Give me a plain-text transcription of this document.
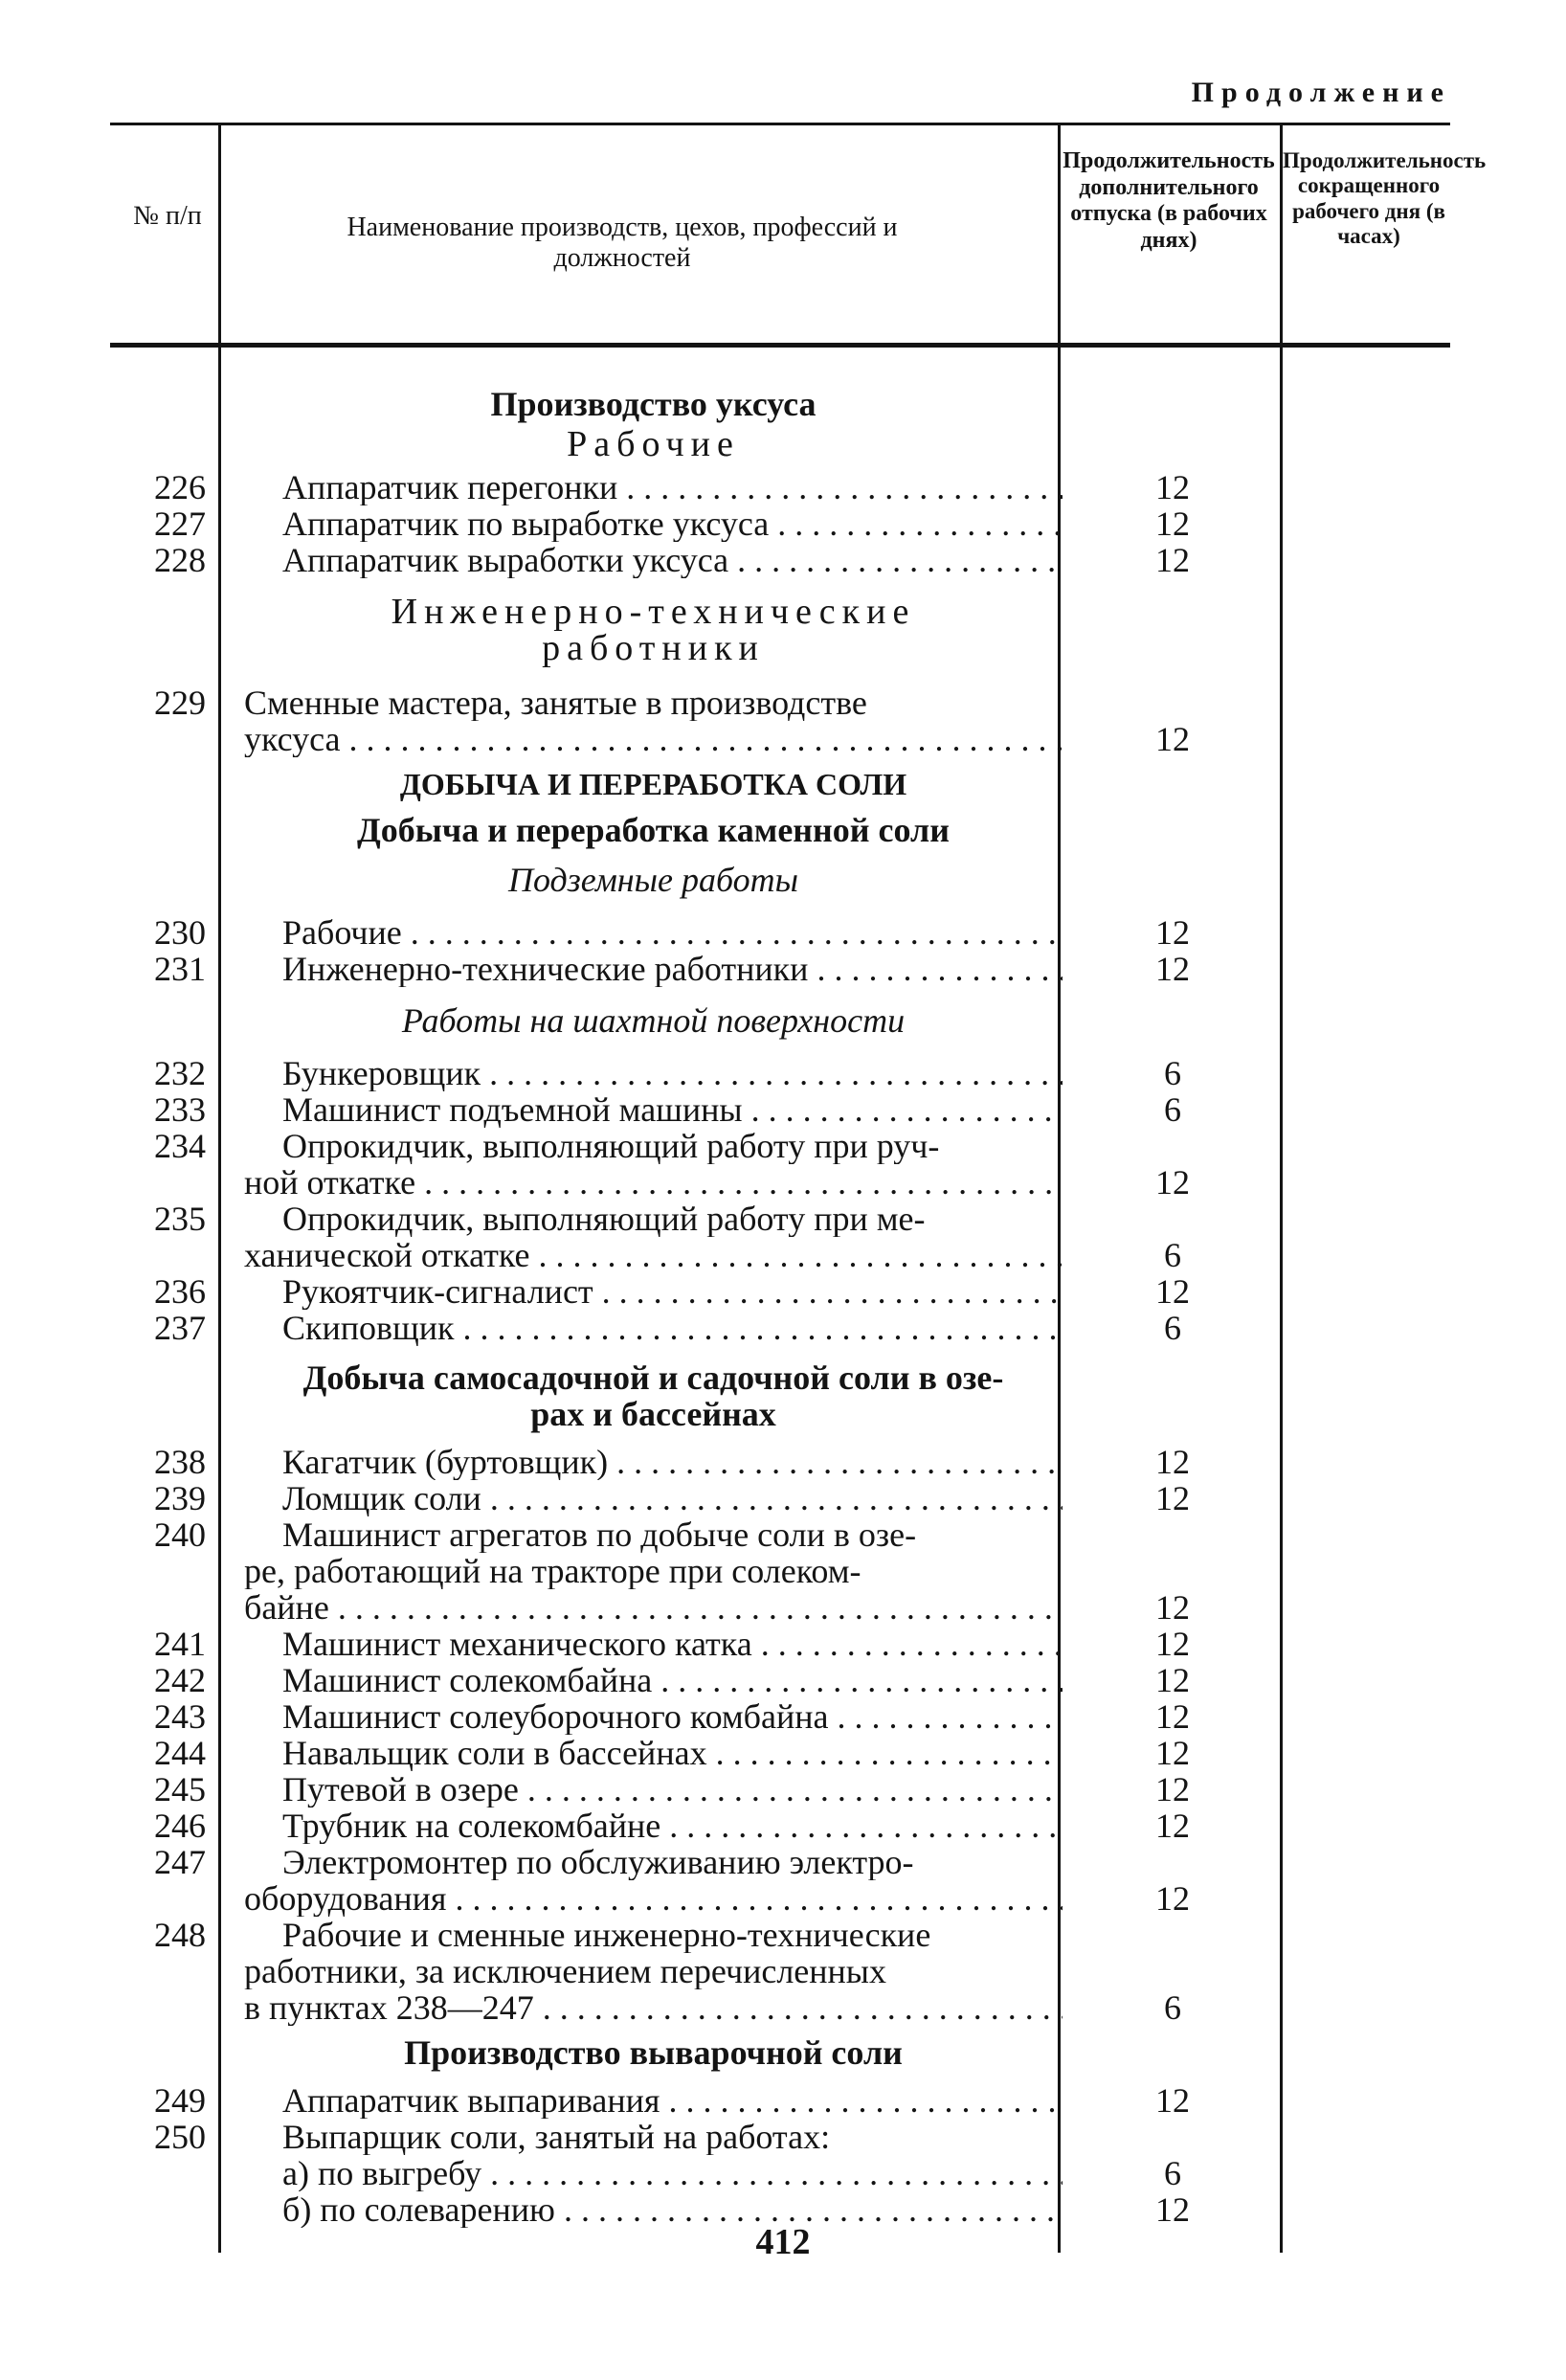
Продолжение
№ п/п	Наименование производств, цехов, профессий и должностей
Продолжительность дополнительного отпуска (в рабочих днях)
Продолжительность сокращенного рабочего дня (в часах)
Производство уксуса
Рабочие
226 Аппаратчик перегонки . . .	12
227 Аппаратчик по выработке уксуса . . .	12
228 Аппаратчик выработки уксуса . . .	12
Инженерно-технические
работники
229 Сменные мастера, занятые в производстве
уксуса . . .	12
ДОБЫЧА И ПЕРЕРАБОТКА СОЛИ
Добыча и переработка каменной соли
Подземные работы
230 Рабочие . . .	12
231 Инженерно-технические работники . . .	12
Работы на шахтной поверхности
232 Бункеровщик . . .	6
233 Машинист подъемной машины . . .	6
234 Опрокидчик, выполняющий работу при руч-
ной откатке . . .	12
235 Опрокидчик, выполняющий работу при ме-
ханической откатке . . .	6
236 Рукоятчик-сигналист . . .	12
237 Скиповщик . . .	6
Добыча самосадочной и садочной соли в озе-
рах и бассейнах
238 Кагатчик (буртовщик) . . .	12
239 Ломщик соли . . .	12
240 Машинист агрегатов по добыче соли в озе-
ре, работающий на тракторе при солеком-
байне . . .	12
241 Машинист механического катка . . .	12
242 Машинист солекомбайна . . .	12
243 Машинист солеуборочного комбайна . . .	12
244 Навальщик соли в бассейнах . . .	12
245 Путевой в озере . . .	12
246 Трубник на солекомбайне . . .	12
247 Электромонтер по обслуживанию электро-
оборудования . . .	12
248 Рабочие и сменные инженерно-технические
работники, за исключением перечисленных
в пунктах 238—247 . . .	6
Производство выварочной соли
249 Аппаратчик выпаривания . . .	12
250 Выпарщик соли, занятый на работах:
а) по выгребу . . .	6
б) по солеварению . . .	12
412
